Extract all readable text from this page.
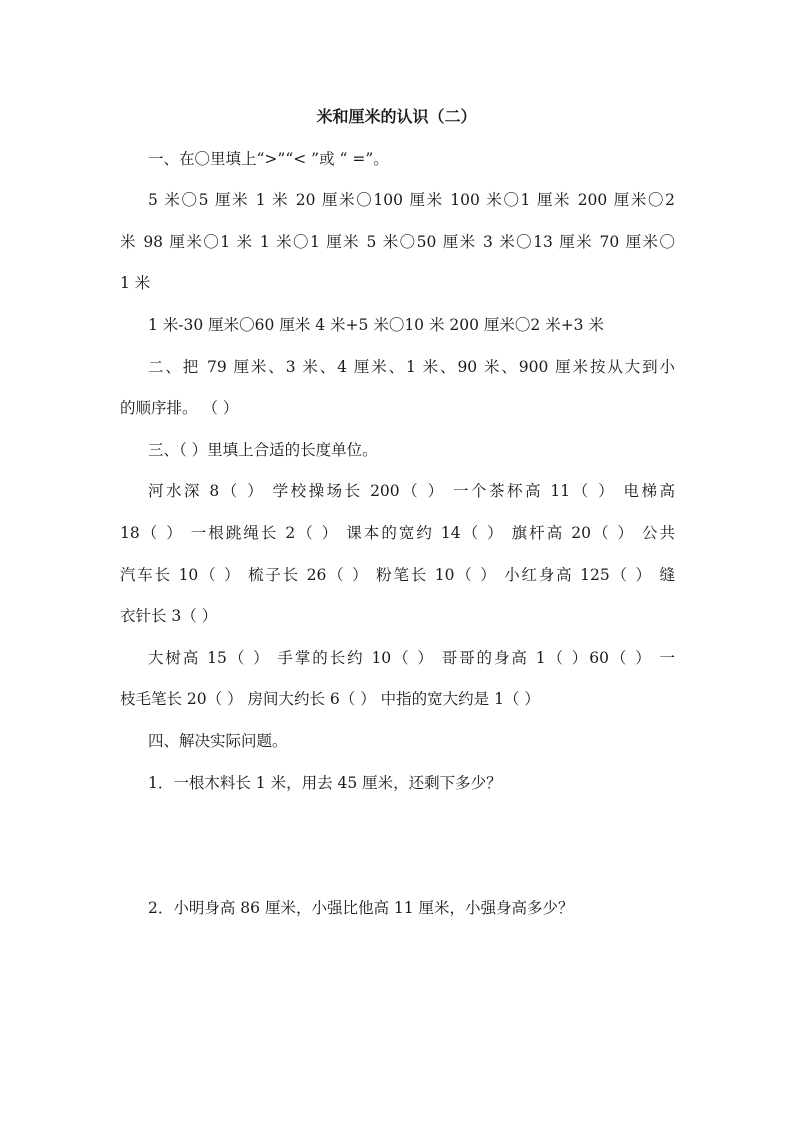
米和厘米的认识（二）
一、在〇里填上“>”“< ”或 “ =”。
5 米〇5 厘米 1 米 20 厘米〇100 厘米 100 米〇1 厘米 200 厘米〇2
米 98 厘米〇1 米 1 米〇1 厘米 5 米〇50 厘米 3 米〇13 厘米 70 厘米〇
1 米
1 米-30 厘米〇60 厘米 4 米+5 米〇10 米 200 厘米〇2 米+3 米
二、把 79 厘米、3 米、4 厘米、1 米、90 米、900 厘米按从大到小
的顺序排。 （ ）
三、（ ）里填上合适的长度单位。
河水深 8（ ） 学校操场长 200（ ） 一个茶杯高 11（ ） 电梯高
18（ ） 一根跳绳长 2（ ） 课本的宽约 14（ ） 旗杆高 20（ ） 公共
汽车长 10（ ） 梳子长 26（ ） 粉笔长 10（ ） 小红身高 125（ ） 缝
衣针长 3（ ）
大树高 15（ ） 手掌的长约 10（ ） 哥哥的身高 1（ ）60（ ） 一
枝毛笔长 20（ ） 房间大约长 6（ ） 中指的宽大约是 1（ ）
四、解决实际问题。
1．一根木料长 1 米，用去 45 厘米，还剩下多少？
2．小明身高 86 厘米，小强比他高 11 厘米，小强身高多少？
